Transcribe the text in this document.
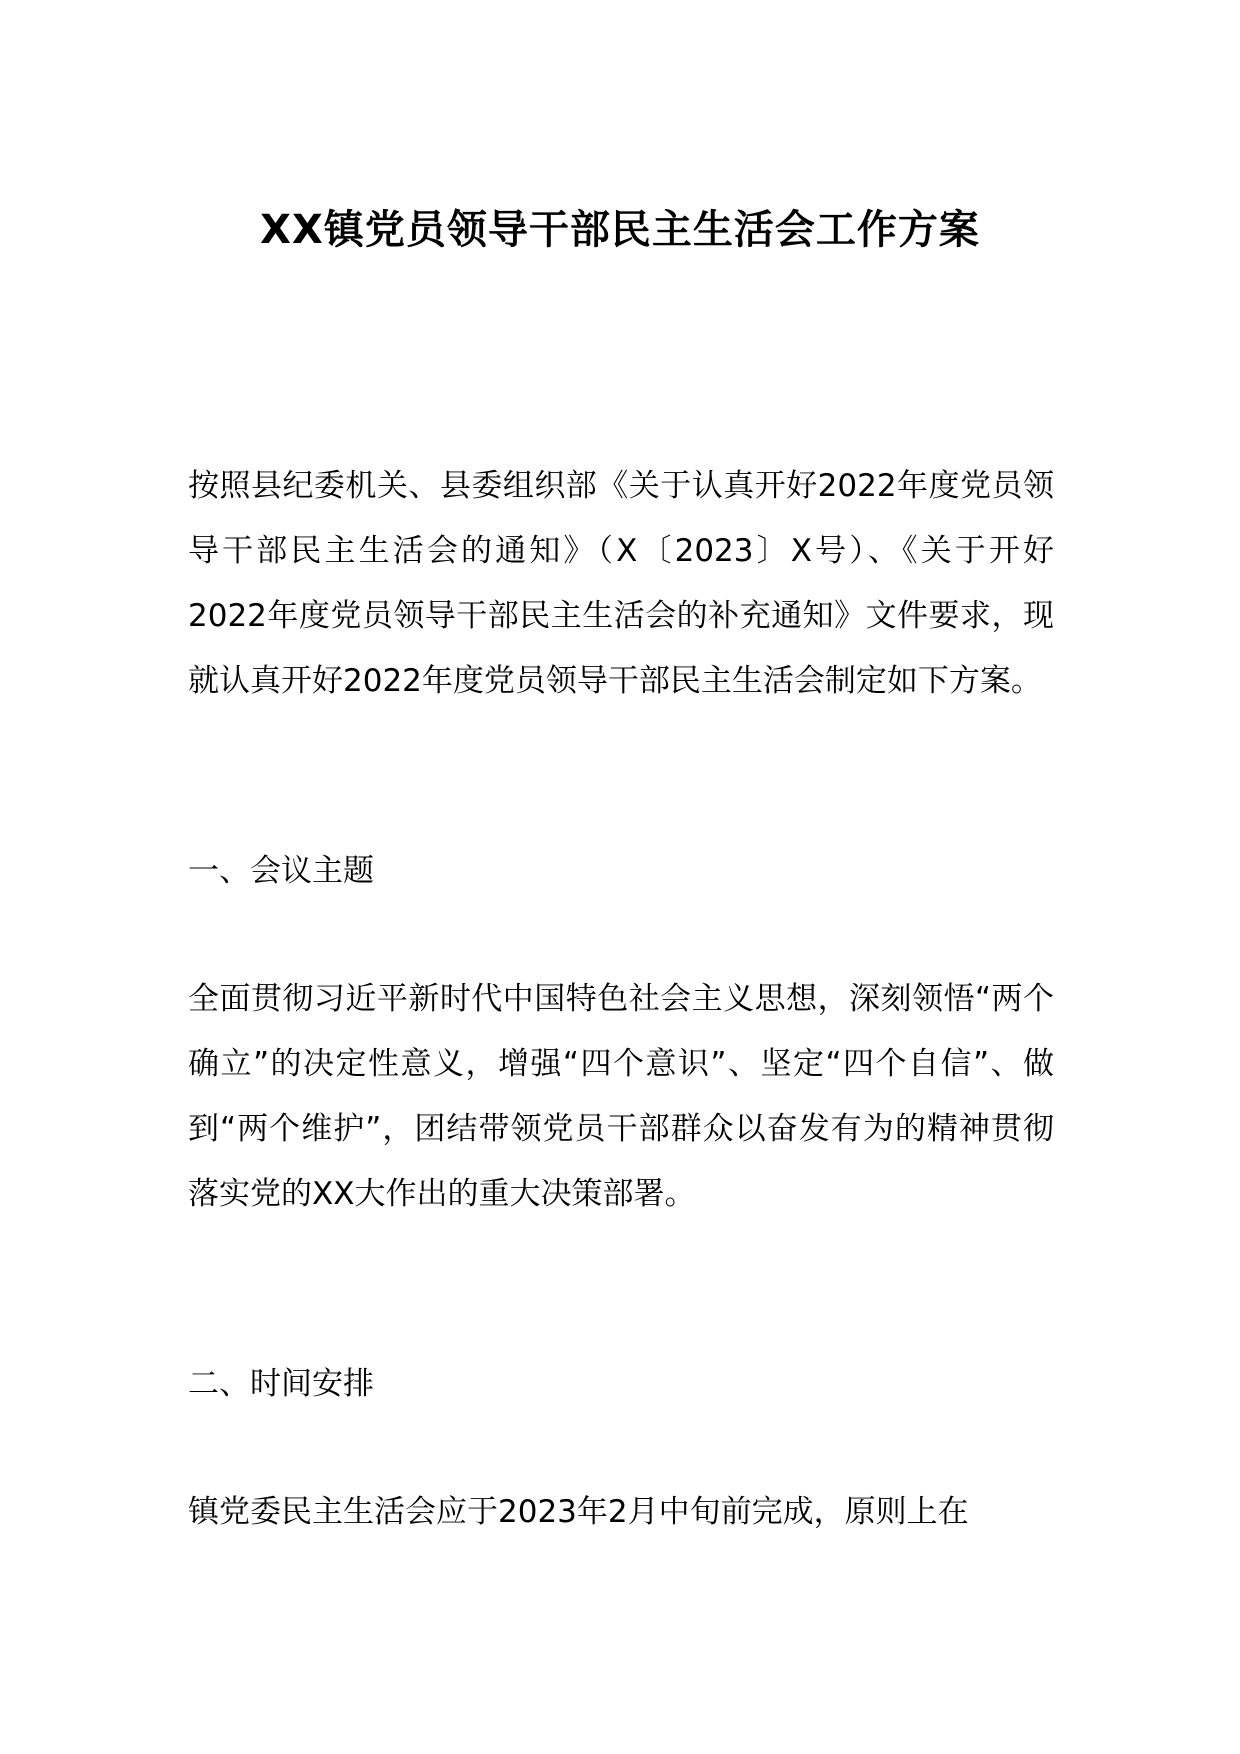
XX镇党员领导干部民主生活会工作方案

按照县纪委机关、县委组织部《关于认真开好2022年度党员领导干部民主生活会的通知》（X〔2023〕X号）、《关于开好2022年度党员领导干部民主生活会的补充通知》文件要求，现就认真开好2022年度党员领导干部民主生活会制定如下方案。

一、会议主题

全面贯彻习近平新时代中国特色社会主义思想，深刻领悟“两个确立”的决定性意义，增强“四个意识”、坚定“四个自信”、做到“两个维护”，团结带领党员干部群众以奋发有为的精神贯彻落实党的XX大作出的重大决策部署。

二、时间安排

镇党委民主生活会应于2023年2月中旬前完成，原则上在
